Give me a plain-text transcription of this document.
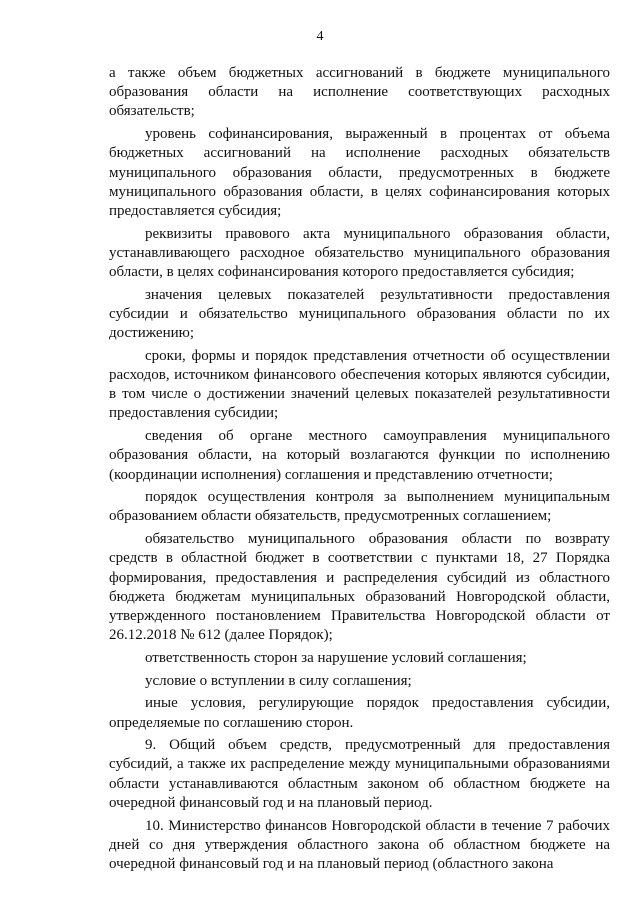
4

а также объем бюджетных ассигнований в бюджете муниципального образования области на исполнение соответствующих расходных обязательств;

уровень софинансирования, выраженный в процентах от объема бюджетных ассигнований на исполнение расходных обязательств муниципального образования области, предусмотренных в бюджете муниципального образования области, в целях софинансирования которых предоставляется субсидия;

реквизиты правового акта муниципального образования области, устанавливающего расходное обязательство муниципального образования области, в целях софинансирования которого предоставляется субсидия;

значения целевых показателей результативности предоставления субсидии и обязательство муниципального образования области по их достижению;

сроки, формы и порядок представления отчетности об осуществлении расходов, источником финансового обеспечения которых являются субсидии, в том числе о достижении значений целевых показателей результативности предоставления субсидии;

сведения об органе местного самоуправления муниципального образования области, на который возлагаются функции по исполнению (координации исполнения) соглашения и представлению отчетности;

порядок осуществления контроля за выполнением муниципальным образованием области обязательств, предусмотренных соглашением;

обязательство муниципального образования области по возврату средств в областной бюджет в соответствии с пунктами 18, 27 Порядка формирования, предоставления и распределения субсидий из областного бюджета бюджетам муниципальных образований Новгородской области, утвержденного постановлением Правительства Новгородской области от 26.12.2018 № 612 (далее Порядок);

ответственность сторон за нарушение условий соглашения;

условие о вступлении в силу соглашения;

иные условия, регулирующие порядок предоставления субсидии, определяемые по соглашению сторон.

9. Общий объем средств, предусмотренный для предоставления субсидий, а также их распределение между муниципальными образованиями области устанавливаются областным законом об областном бюджете на очередной финансовый год и на плановый период.

10. Министерство финансов Новгородской области в течение 7 рабочих дней со дня утверждения областного закона об областном бюджете на очередной финансовый год и на плановый период (областного закона
